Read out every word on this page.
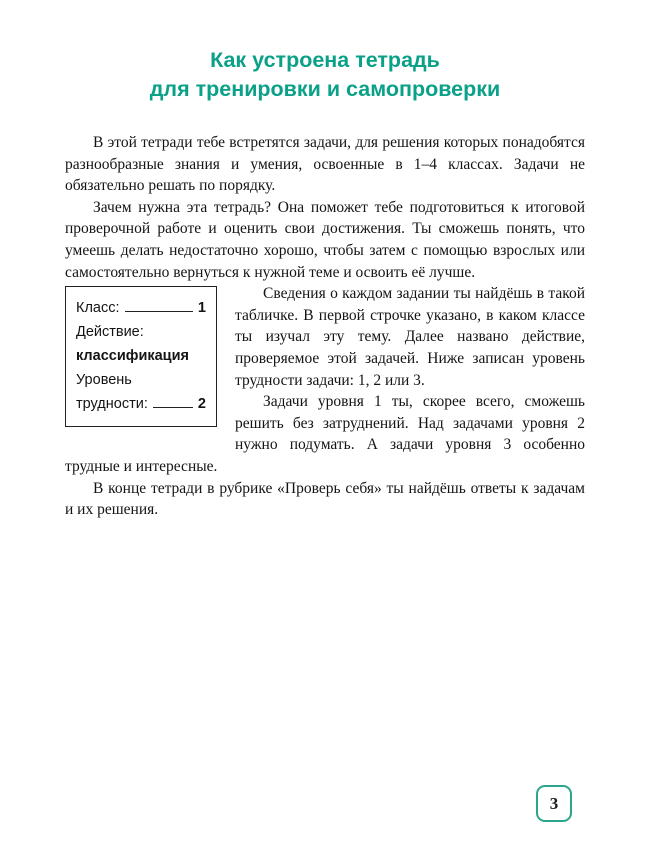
Как устроена тетрадь
для тренировки и самопроверки

В этой тетради тебе встретятся задачи, для решения которых понадобятся разнообразные знания и умения, освоенные в 1–4 классах. Задачи не обязательно решать по порядку.

Зачем нужна эта тетрадь? Она поможет тебе подготовиться к итоговой проверочной работе и оценить свои достижения. Ты сможешь понять, что умеешь делать недостаточно хорошо, чтобы затем с помощью взрослых или самостоятельно вернуться к нужной теме и освоить её лучше.

Класс:	1
Действие:
классификация
Уровень
трудности:	2

Сведения о каждом задании ты найдёшь в такой табличке. В первой строчке указано, в каком классе ты изучал эту тему. Далее названо действие, проверяемое этой задачей. Ниже записан уровень трудности задачи: 1, 2 или 3.

Задачи уровня 1 ты, скорее всего, сможешь решить без затруднений. Над задачами уровня 2 нужно подумать. А задачи уровня 3 особенно трудные и интересные.

В конце тетради в рубрике «Проверь себя» ты найдёшь ответы к задачам и их решения.

3
